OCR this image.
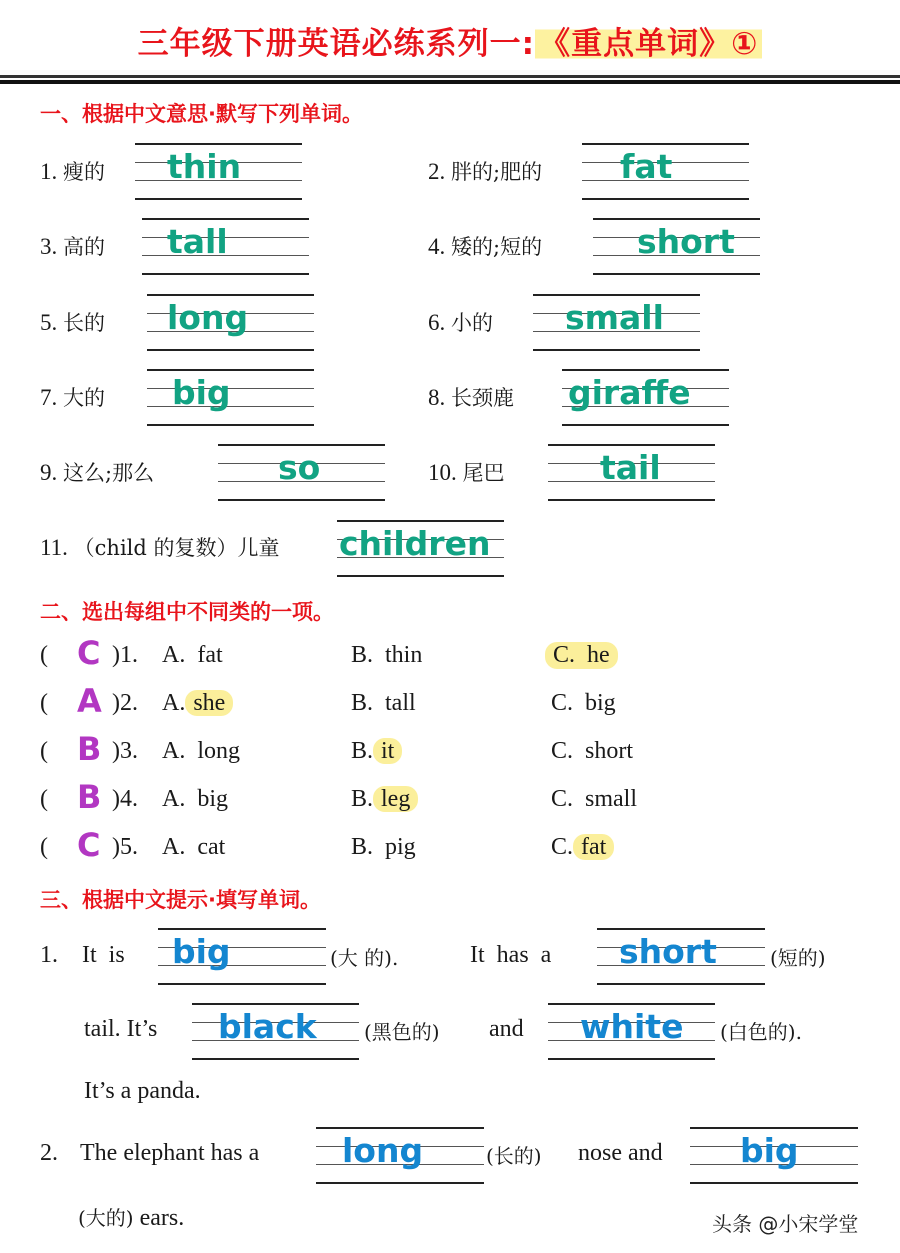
三年级下册英语必练系列一: 《重点单词》①
一、根据中文意思·默写下列单词。
1. 瘦的 thin	2. 胖的;肥的 fat
3. 高的 tall	4. 矮的;短的	short
5. 长的 long	6. 小的 small
7. 大的 big	8. 长颈鹿 giraffe
9. 这么;那么	so	10. 尾巴	tail
11. （child 的复数）儿童 children
二、选出每组中不同类的一项。
( C )1. A. fat	B. thin	C. he
( A )2. A. she	B. tall	C. big
( B )3. A. long	B. it	C. short
( B )4. A. big	B. leg	C. small
( C )5. A. cat	B. pig	C. fat
三、根据中文提示·填写单词。
1. It is big	(大 的).	It has a short	(短的)
tail. It’s black (黑色的) and white (白色的).
It’s a panda.
2. The elephant has a	long	(长的) nose and big
(大的) ears.	头条 @小宋学堂
